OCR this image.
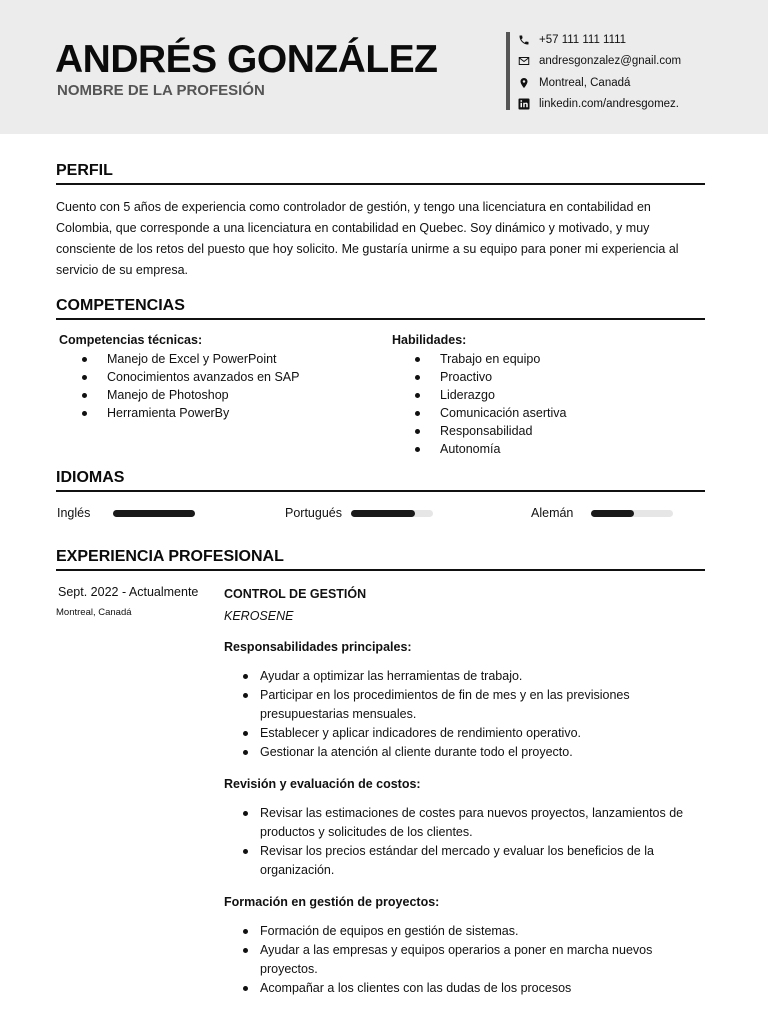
ANDRÉS GONZÁLEZ
NOMBRE DE LA PROFESIÓN
+57 111 111 1111
andresgonzalez@gnail.com
Montreal, Canadá
linkedin.com/andresgomez.
PERFIL
Cuento con 5 años de experiencia como controlador de gestión, y tengo una licenciatura en contabilidad en Colombia, que corresponde a una licenciatura en contabilidad en Quebec. Soy dinámico y motivado, y muy consciente de los retos del puesto que hoy solicito. Me gustaría unirme a su equipo para poner mi experiencia al servicio de su empresa.
COMPETENCIAS
Competencias técnicas:
Manejo de Excel y PowerPoint
Conocimientos avanzados en SAP
Manejo de Photoshop
Herramienta PowerBy
Habilidades:
Trabajo en equipo
Proactivo
Liderazgo
Comunicación asertiva
Responsabilidad
Autonomía
IDIOMAS
Inglés	Portugués	Alemán
EXPERIENCIA PROFESIONAL
Sept. 2022 - Actualmente
Montreal, Canadá
CONTROL DE GESTIÓN
KEROSENE
Responsabilidades principales:
Ayudar a optimizar las herramientas de trabajo.
Participar en los procedimientos de fin de mes y en las previsiones presupuestarias mensuales.
Establecer y aplicar indicadores de rendimiento operativo.
Gestionar la atención al cliente durante todo el proyecto.
Revisión y evaluación de costos:
Revisar las estimaciones de costes para nuevos proyectos, lanzamientos de productos y solicitudes de los clientes.
Revisar los precios estándar del mercado y evaluar los beneficios de la organización.
Formación en gestión de proyectos:
Formación de equipos en gestión de sistemas.
Ayudar a las empresas y equipos operarios a poner en marcha nuevos proyectos.
Acompañar a los clientes con las dudas de los procesos
